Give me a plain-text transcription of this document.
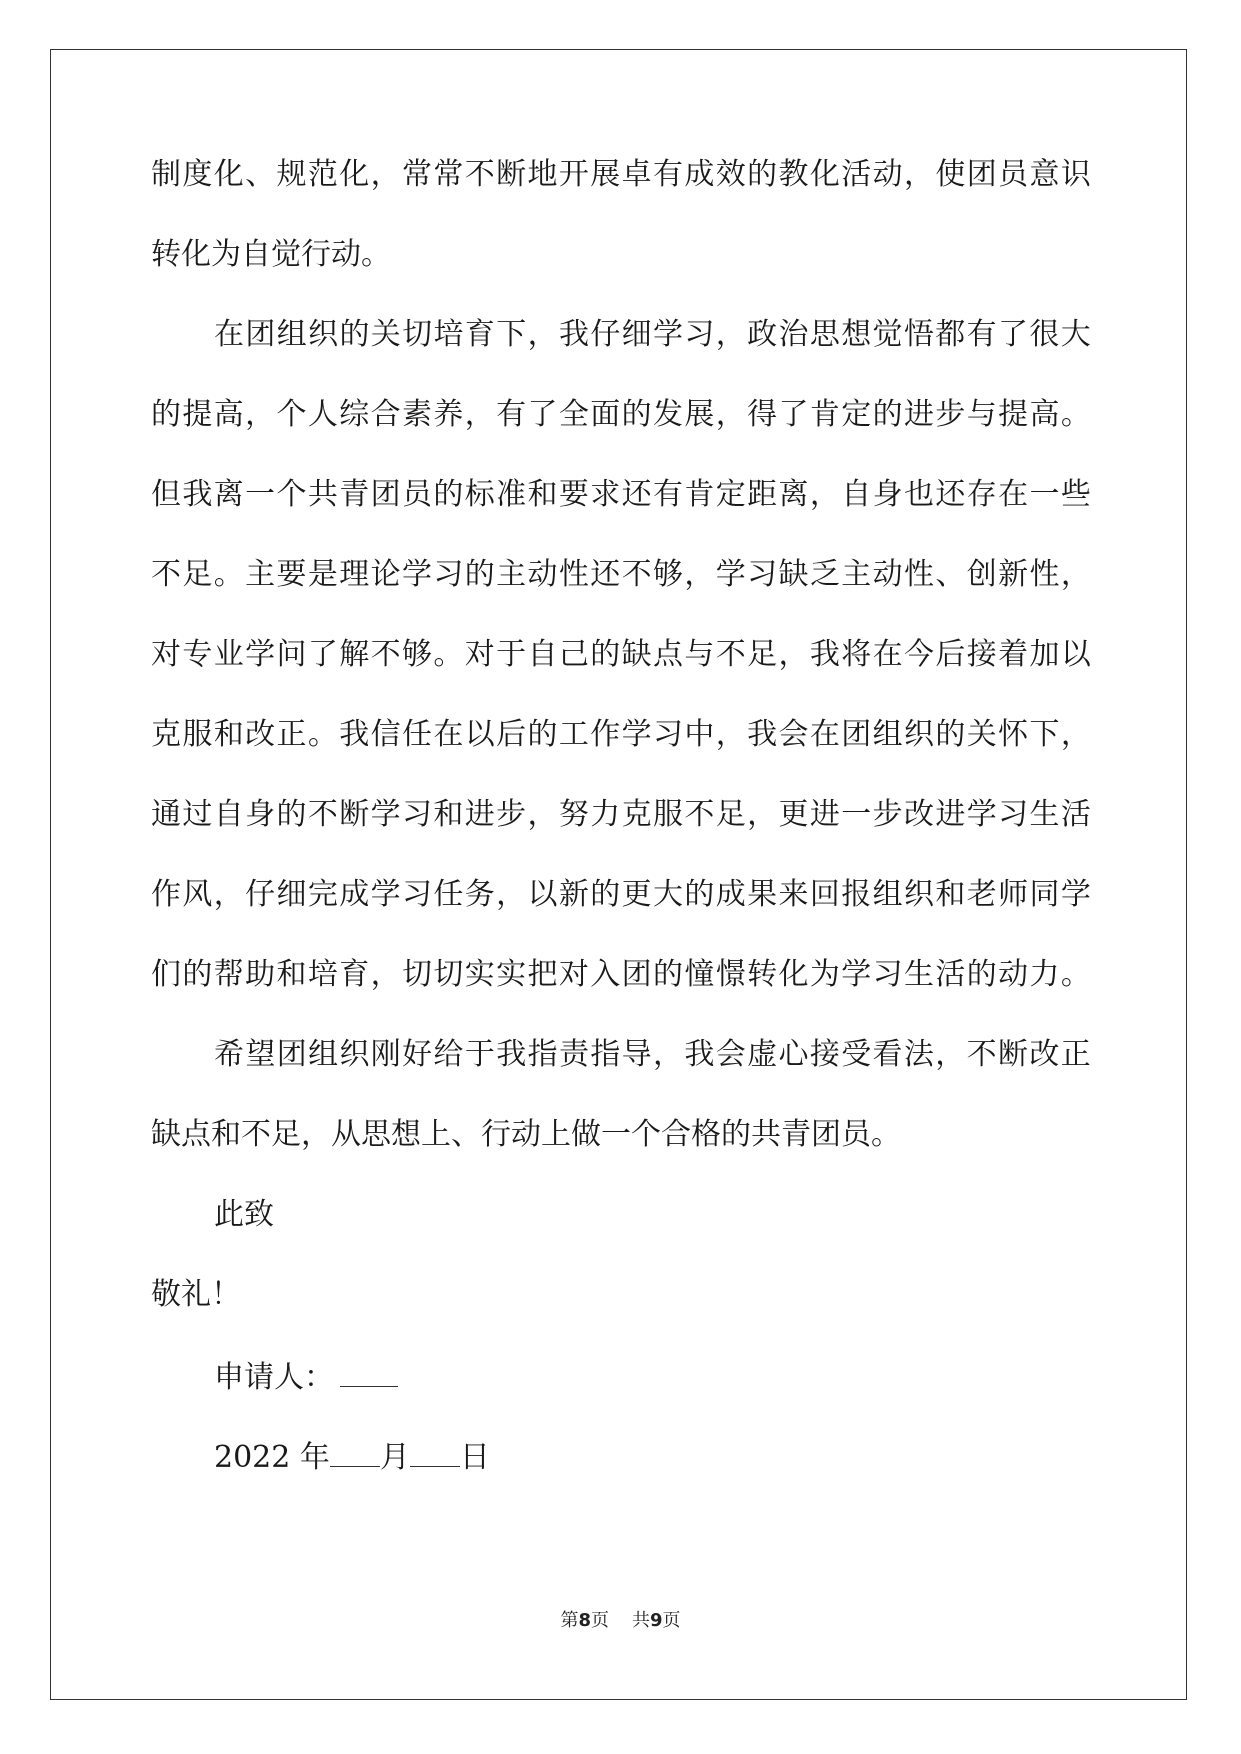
制 度 化 、 规 范 化 ， 常 常 不 断 地 开 展 卓 有 成 效 的 教 化 活 动 ， 使 团 员 意 识
转化为自觉行动。
在 团 组 织 的 关 切 培 育 下 ， 我 仔 细 学 习 ， 政 治 思 想 觉 悟 都 有 了 很 大
的 提 高 ， 个 人 综 合 素 养 ， 有 了 全 面 的 发 展 ， 得 了 肯 定 的 进 步 与 提 高 。
但 我 离 一 个 共 青 团 员 的 标 准 和 要 求 还 有 肯 定 距 离 ， 自 身 也 还 存 在 一 些
不 足 。 主 要 是 理 论 学 习 的 主 动 性 还 不 够 ， 学 习 缺 乏 主 动 性 、 创 新 性 ，
对 专 业 学 问 了 解 不 够 。 对 于 自 己 的 缺 点 与 不 足 ， 我 将 在 今 后 接 着 加 以
克 服 和 改 正 。 我 信 任 在 以 后 的 工 作 学 习 中 ， 我 会 在 团 组 织 的 关 怀 下 ，
通 过 自 身 的 不 断 学 习 和 进 步 ， 努 力 克 服 不 足 ， 更 进 一 步 改 进 学 习 生 活
作 风 ， 仔 细 完 成 学 习 任 务 ， 以 新 的 更 大 的 成 果 来 回 报 组 织 和 老 师 同 学
们 的 帮 助 和 培 育 ， 切 切 实 实 把 对 入 团 的 憧 憬 转 化 为 学 习 生 活 的 动 力 。
希 望 团 组 织 刚 好 给 于 我 指 责 指 导 ， 我 会 虚 心 接 受 看 法 ， 不 断 改 正
缺点和不足，从思想上、行动上做一个合格的共青团员。
此致
敬礼！
申请人：
2022 年 月 日
第8页 共9页
